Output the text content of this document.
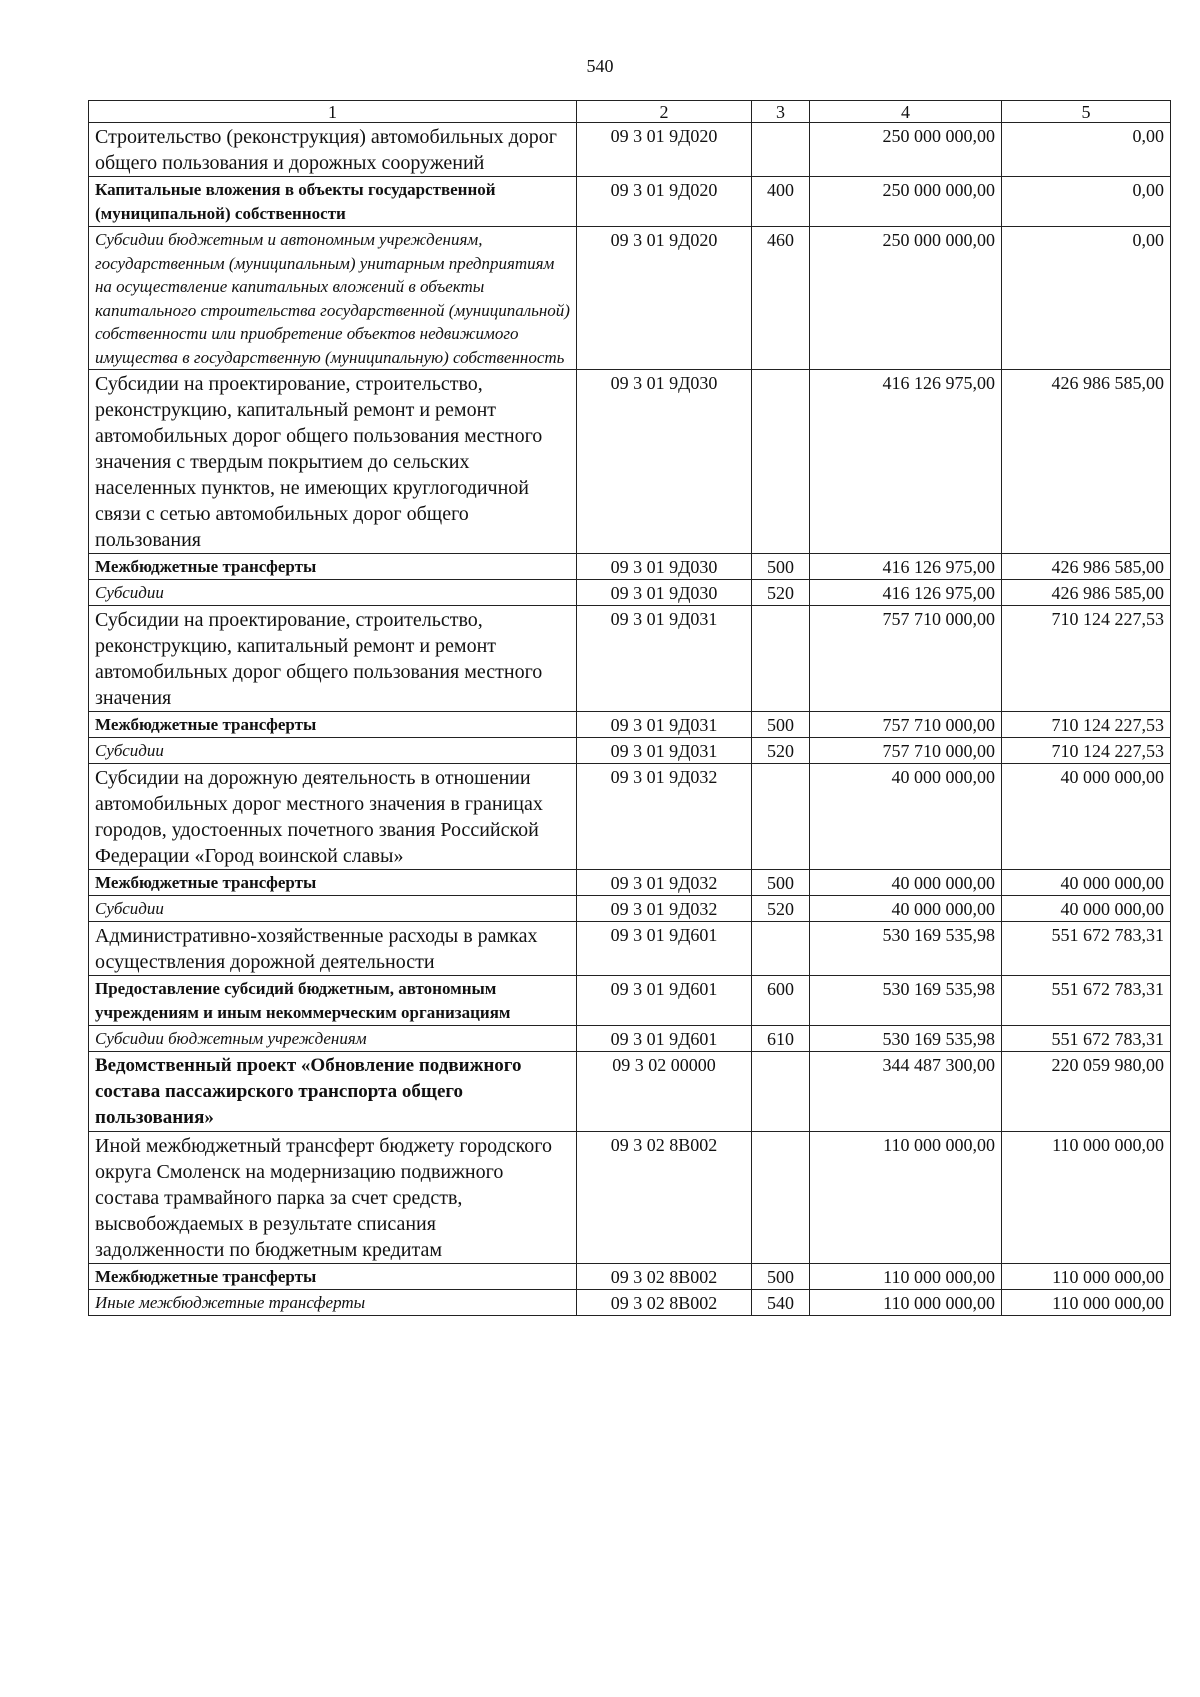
540
1	2	3	4	5
Строительство (реконструкция) автомобильных дорог общего пользования и дорожных сооружений	09 3 01 9Д020		250 000 000,00	0,00
Капитальные вложения в объекты государственной (муниципальной) собственности	09 3 01 9Д020	400	250 000 000,00	0,00
Субсидии бюджетным и автономным учреждениям, государственным (муниципальным) унитарным предприятиям на осуществление капитальных вложений в объекты капитального строительства государственной (муниципальной) собственности или приобретение объектов недвижимого имущества в государственную (муниципальную) собственность	09 3 01 9Д020	460	250 000 000,00	0,00
Субсидии на проектирование, строительство, реконструкцию, капитальный ремонт и ремонт автомобильных дорог общего пользования местного значения с твердым покрытием до сельских населенных пунктов, не имеющих круглогодичной связи с сетью автомобильных дорог общего пользования	09 3 01 9Д030		416 126 975,00	426 986 585,00
Межбюджетные трансферты	09 3 01 9Д030	500	416 126 975,00	426 986 585,00
Субсидии	09 3 01 9Д030	520	416 126 975,00	426 986 585,00
Субсидии на проектирование, строительство, реконструкцию, капитальный ремонт и ремонт автомобильных дорог общего пользования местного значения	09 3 01 9Д031		757 710 000,00	710 124 227,53
Межбюджетные трансферты	09 3 01 9Д031	500	757 710 000,00	710 124 227,53
Субсидии	09 3 01 9Д031	520	757 710 000,00	710 124 227,53
Субсидии на дорожную деятельность в отношении автомобильных дорог местного значения в границах городов, удостоенных почетного звания Российской Федерации «Город воинской славы»	09 3 01 9Д032		40 000 000,00	40 000 000,00
Межбюджетные трансферты	09 3 01 9Д032	500	40 000 000,00	40 000 000,00
Субсидии	09 3 01 9Д032	520	40 000 000,00	40 000 000,00
Административно-хозяйственные расходы в рамках осуществления дорожной деятельности	09 3 01 9Д601		530 169 535,98	551 672 783,31
Предоставление субсидий бюджетным, автономным учреждениям и иным некоммерческим организациям	09 3 01 9Д601	600	530 169 535,98	551 672 783,31
Субсидии бюджетным учреждениям	09 3 01 9Д601	610	530 169 535,98	551 672 783,31
Ведомственный проект «Обновление подвижного состава пассажирского транспорта общего пользования»	09 3 02 00000		344 487 300,00	220 059 980,00
Иной межбюджетный трансферт бюджету городского округа Смоленск на модернизацию подвижного состава трамвайного парка за счет средств, высвобождаемых в результате списания задолженности по бюджетным кредитам	09 3 02 8В002		110 000 000,00	110 000 000,00
Межбюджетные трансферты	09 3 02 8В002	500	110 000 000,00	110 000 000,00
Иные межбюджетные трансферты	09 3 02 8В002	540	110 000 000,00	110 000 000,00
